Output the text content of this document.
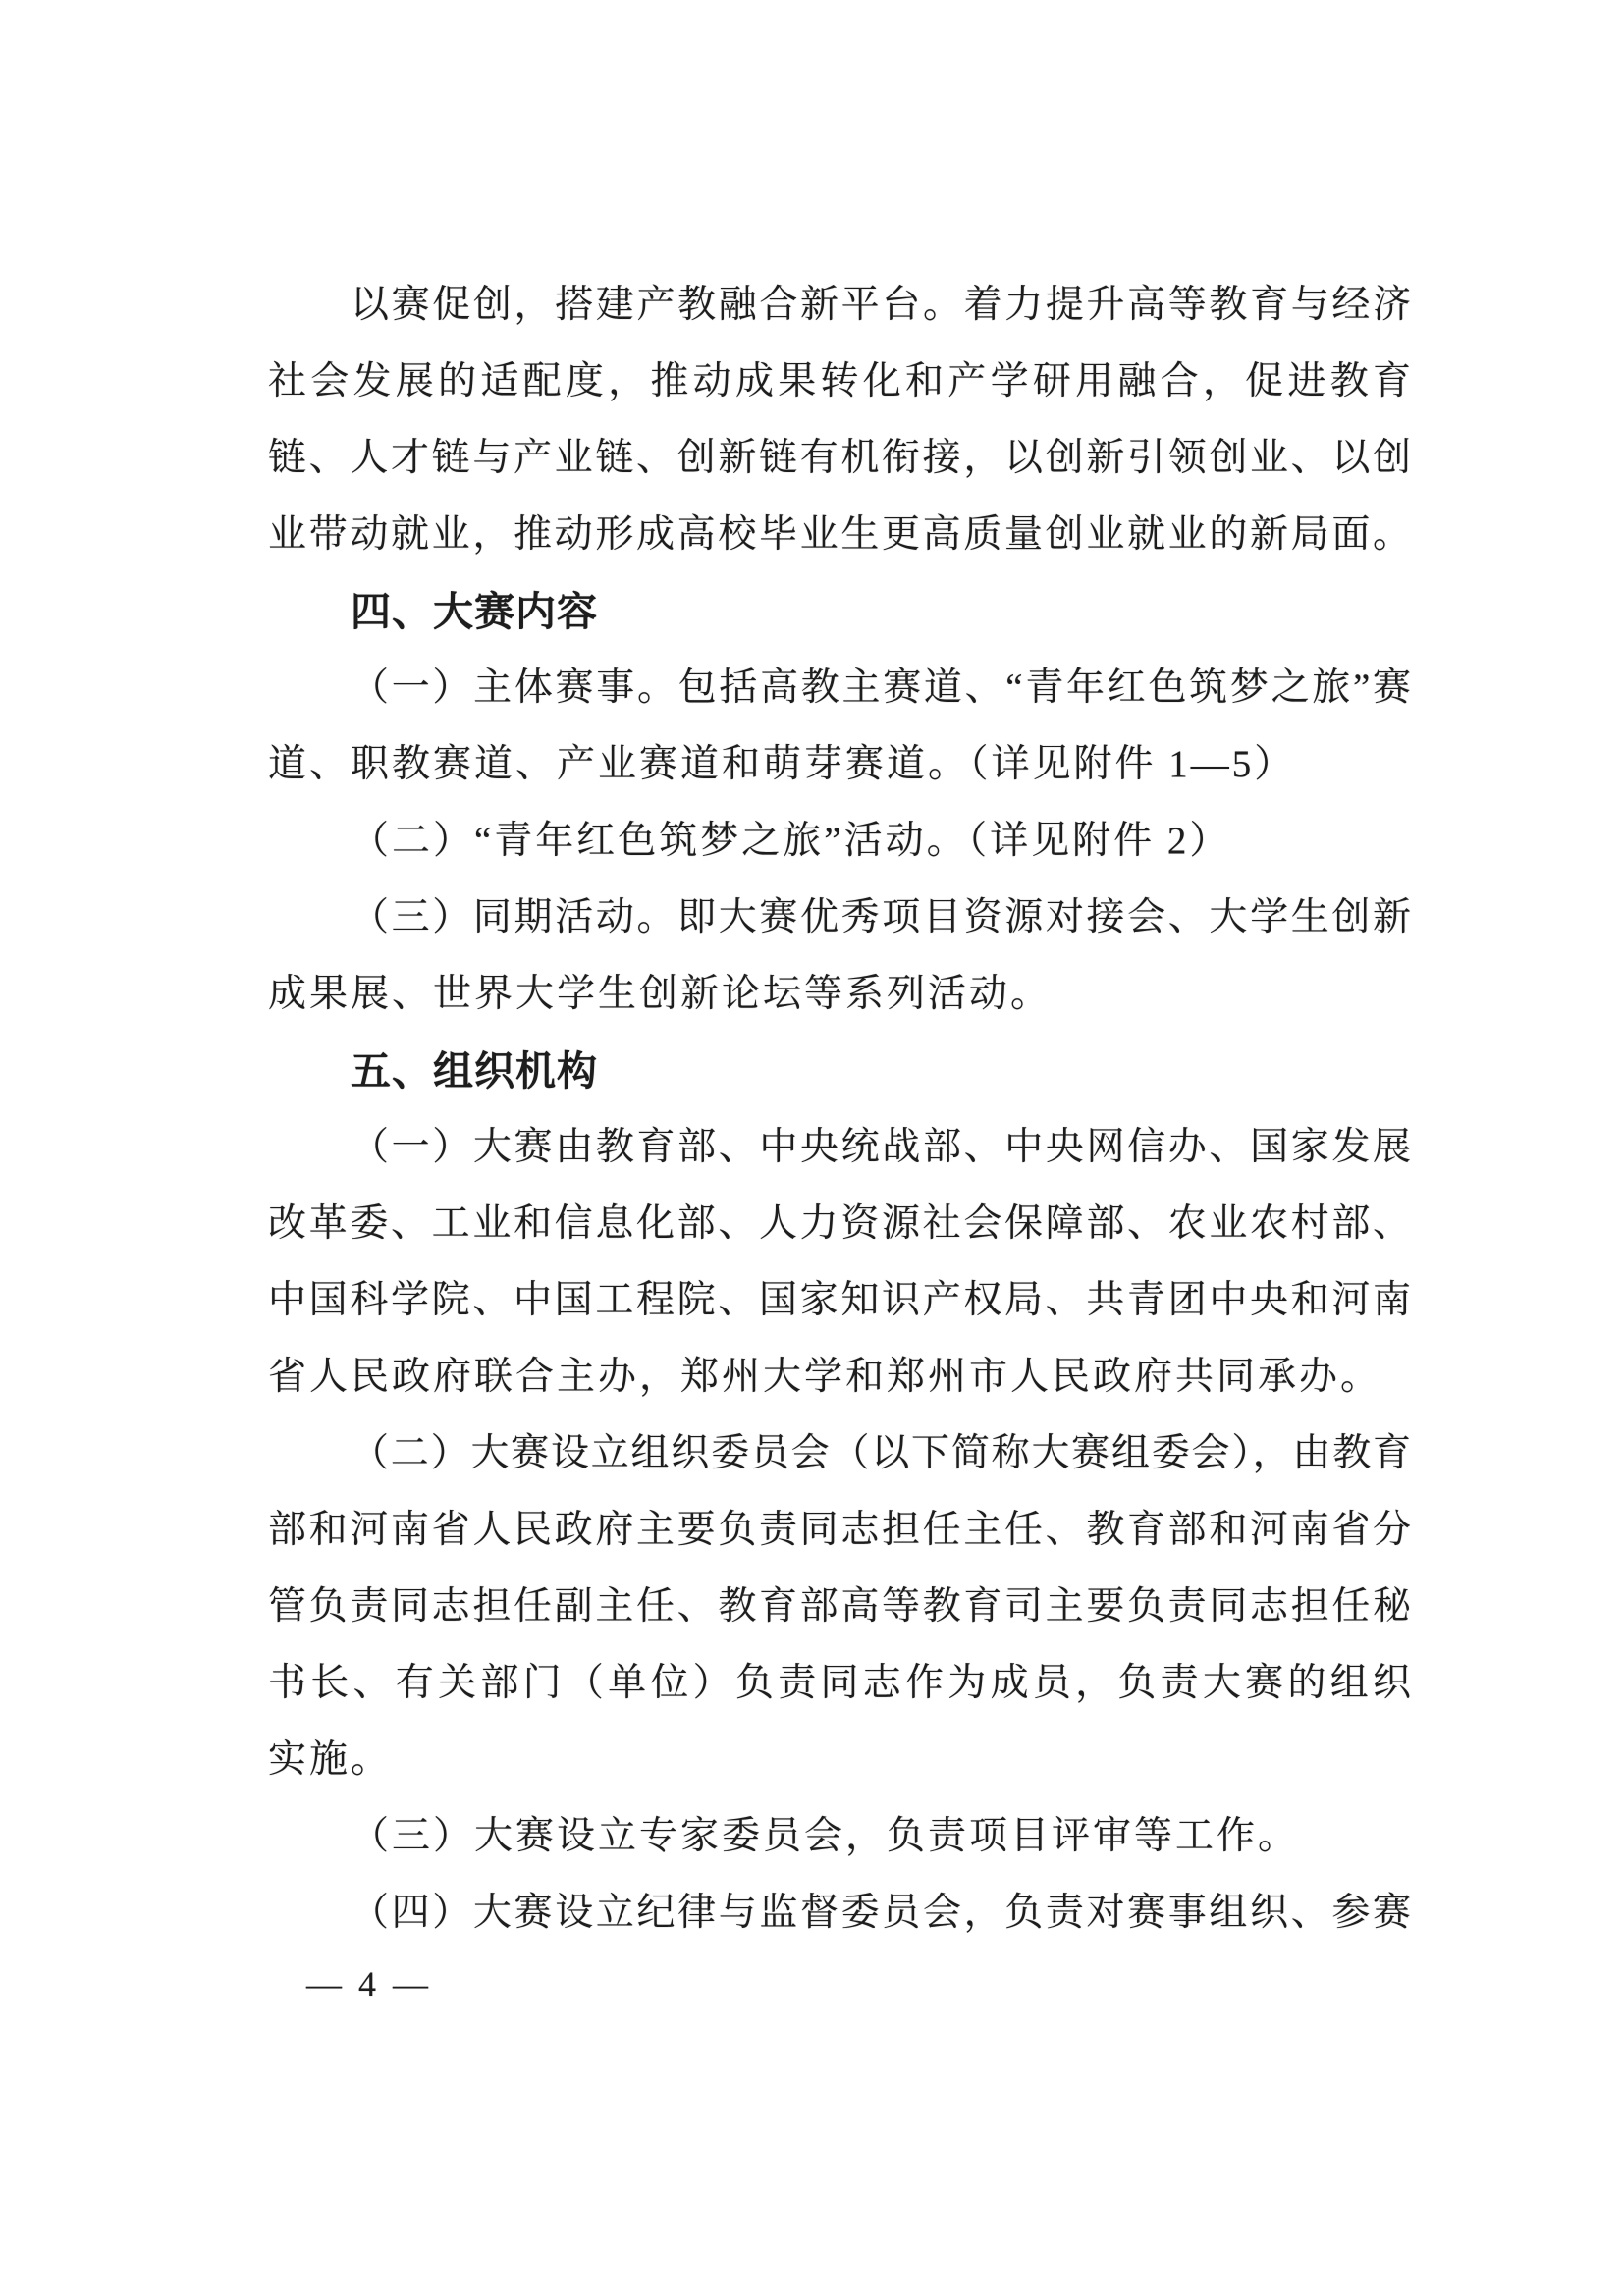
以赛促创，搭建产教融合新平台。着力提升高等教育与经济
社会发展的适配度，推动成果转化和产学研用融合，促进教育
链、人才链与产业链、创新链有机衔接，以创新引领创业、以创
业带动就业，推动形成高校毕业生更高质量创业就业的新局面。
四、大赛内容
（一）主体赛事。包括高教主赛道、“青年红色筑梦之旅”赛
道、职教赛道、产业赛道和萌芽赛道。（详见附件 1—5）
（二）“青年红色筑梦之旅”活动。（详见附件 2）
（三）同期活动。即大赛优秀项目资源对接会、大学生创新
成果展、世界大学生创新论坛等系列活动。
五、组织机构
（一）大赛由教育部、中央统战部、中央网信办、国家发展
改革委、工业和信息化部、人力资源社会保障部、农业农村部、
中国科学院、中国工程院、国家知识产权局、共青团中央和河南
省人民政府联合主办，郑州大学和郑州市人民政府共同承办。
（二）大赛设立组织委员会（以下简称大赛组委会），由教育
部和河南省人民政府主要负责同志担任主任、教育部和河南省分
管负责同志担任副主任、教育部高等教育司主要负责同志担任秘
书长、有关部门（单位）负责同志作为成员，负责大赛的组织
实施。
（三）大赛设立专家委员会，负责项目评审等工作。
（四）大赛设立纪律与监督委员会，负责对赛事组织、参赛
— 4 —
